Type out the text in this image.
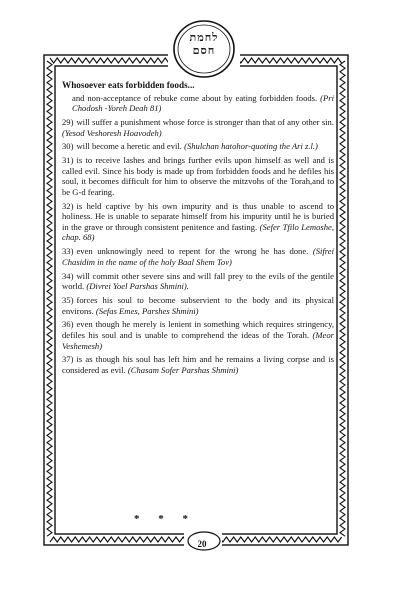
לחמת חסם
Whosoever eats forbidden foods...
and non-acceptance of rebuke come about by eating forbidden foods. (Pri Chodosh -Yoreh Deah 81)
29) will suffer a punishment whose force is stronger than that of any other sin. (Yesod Veshoresh Hoavodeh)
30) will become a heretic and evil. (Shulchan hatohor-quoting the Ari z.l.)
31) is to receive lashes and brings further evils upon himself as well and is called evil. Since his body is made up from forbidden foods and he defiles his soul, it becomes difficult for him to observe the mitzvohs of the Torah,and to be G-d fearing.
32) is held captive by his own impurity and is thus unable to ascend to holiness. He is unable to separate himself from his impurity until he is buried in the grave or through consistent penitence and fasting. (Sefer Tfilo Lemoshe, chap. 68)
33) even unknowingly need to repent for the wrong he has done. (Sifrei Chasidim in the name of the holy Baal Shem Tov)
34) will commit other severe sins and will fall prey to the evils of the gentile world. (Divrei Yoel Parshas Shmini).
35) forces his soul to become subservient to the body and its physical environs. (Sefas Emes, Parshes Shmini)
36) even though he merely is lenient in something which requires stringency, defiles his soul and is unable to comprehend the ideas of the Torah. (Meor Veshemesh)
37) is as though his soul has left him and he remains a living corpse and is considered as evil. (Chasam Sofer Parshas Shmini)
* * *
20
